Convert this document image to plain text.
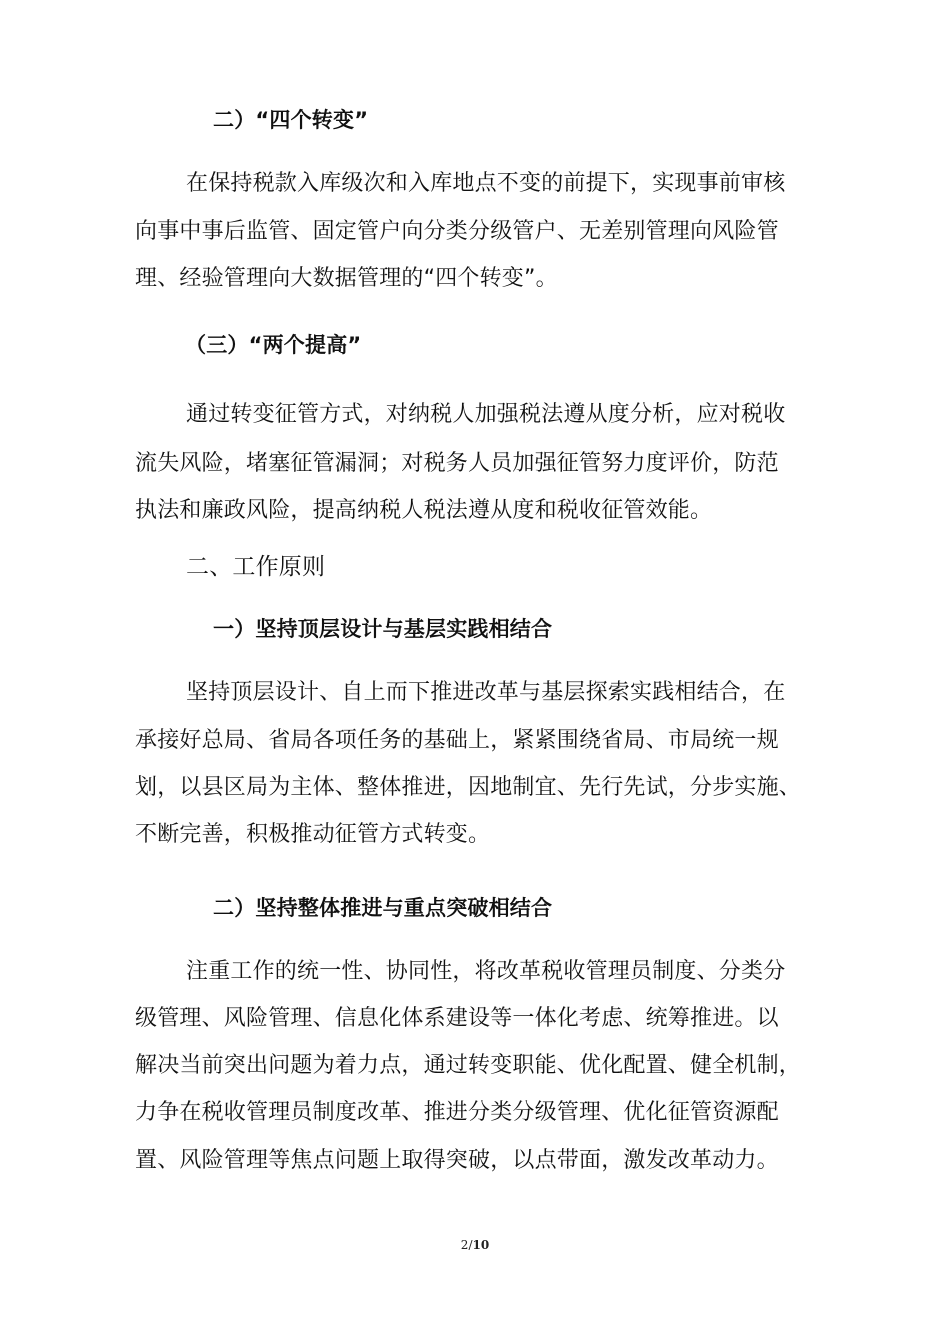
二）“四个转变”
在保持税款入库级次和入库地点不变的前提下，实现事前审核
向事中事后监管、固定管户向分类分级管户、无差别管理向风险管
理、经验管理向大数据管理的“四个转变”。
（三）“两个提高”
通过转变征管方式，对纳税人加强税法遵从度分析，应对税收
流失风险，堵塞征管漏洞；对税务人员加强征管努力度评价，防范
执法和廉政风险，提高纳税人税法遵从度和税收征管效能。
二、工作原则
一）坚持顶层设计与基层实践相结合
坚持顶层设计、自上而下推进改革与基层探索实践相结合，在
承接好总局、省局各项任务的基础上，紧紧围绕省局、市局统一规
划，以县区局为主体、整体推进，因地制宜、先行先试，分步实施、
不断完善，积极推动征管方式转变。
二）坚持整体推进与重点突破相结合
注重工作的统一性、协同性，将改革税收管理员制度、分类分
级管理、风险管理、信息化体系建设等一体化考虑、统筹推进。以
解决当前突出问题为着力点，通过转变职能、优化配置、健全机制，
力争在税收管理员制度改革、推进分类分级管理、优化征管资源配
置、风险管理等焦点问题上取得突破，以点带面，激发改革动力。
2/10
